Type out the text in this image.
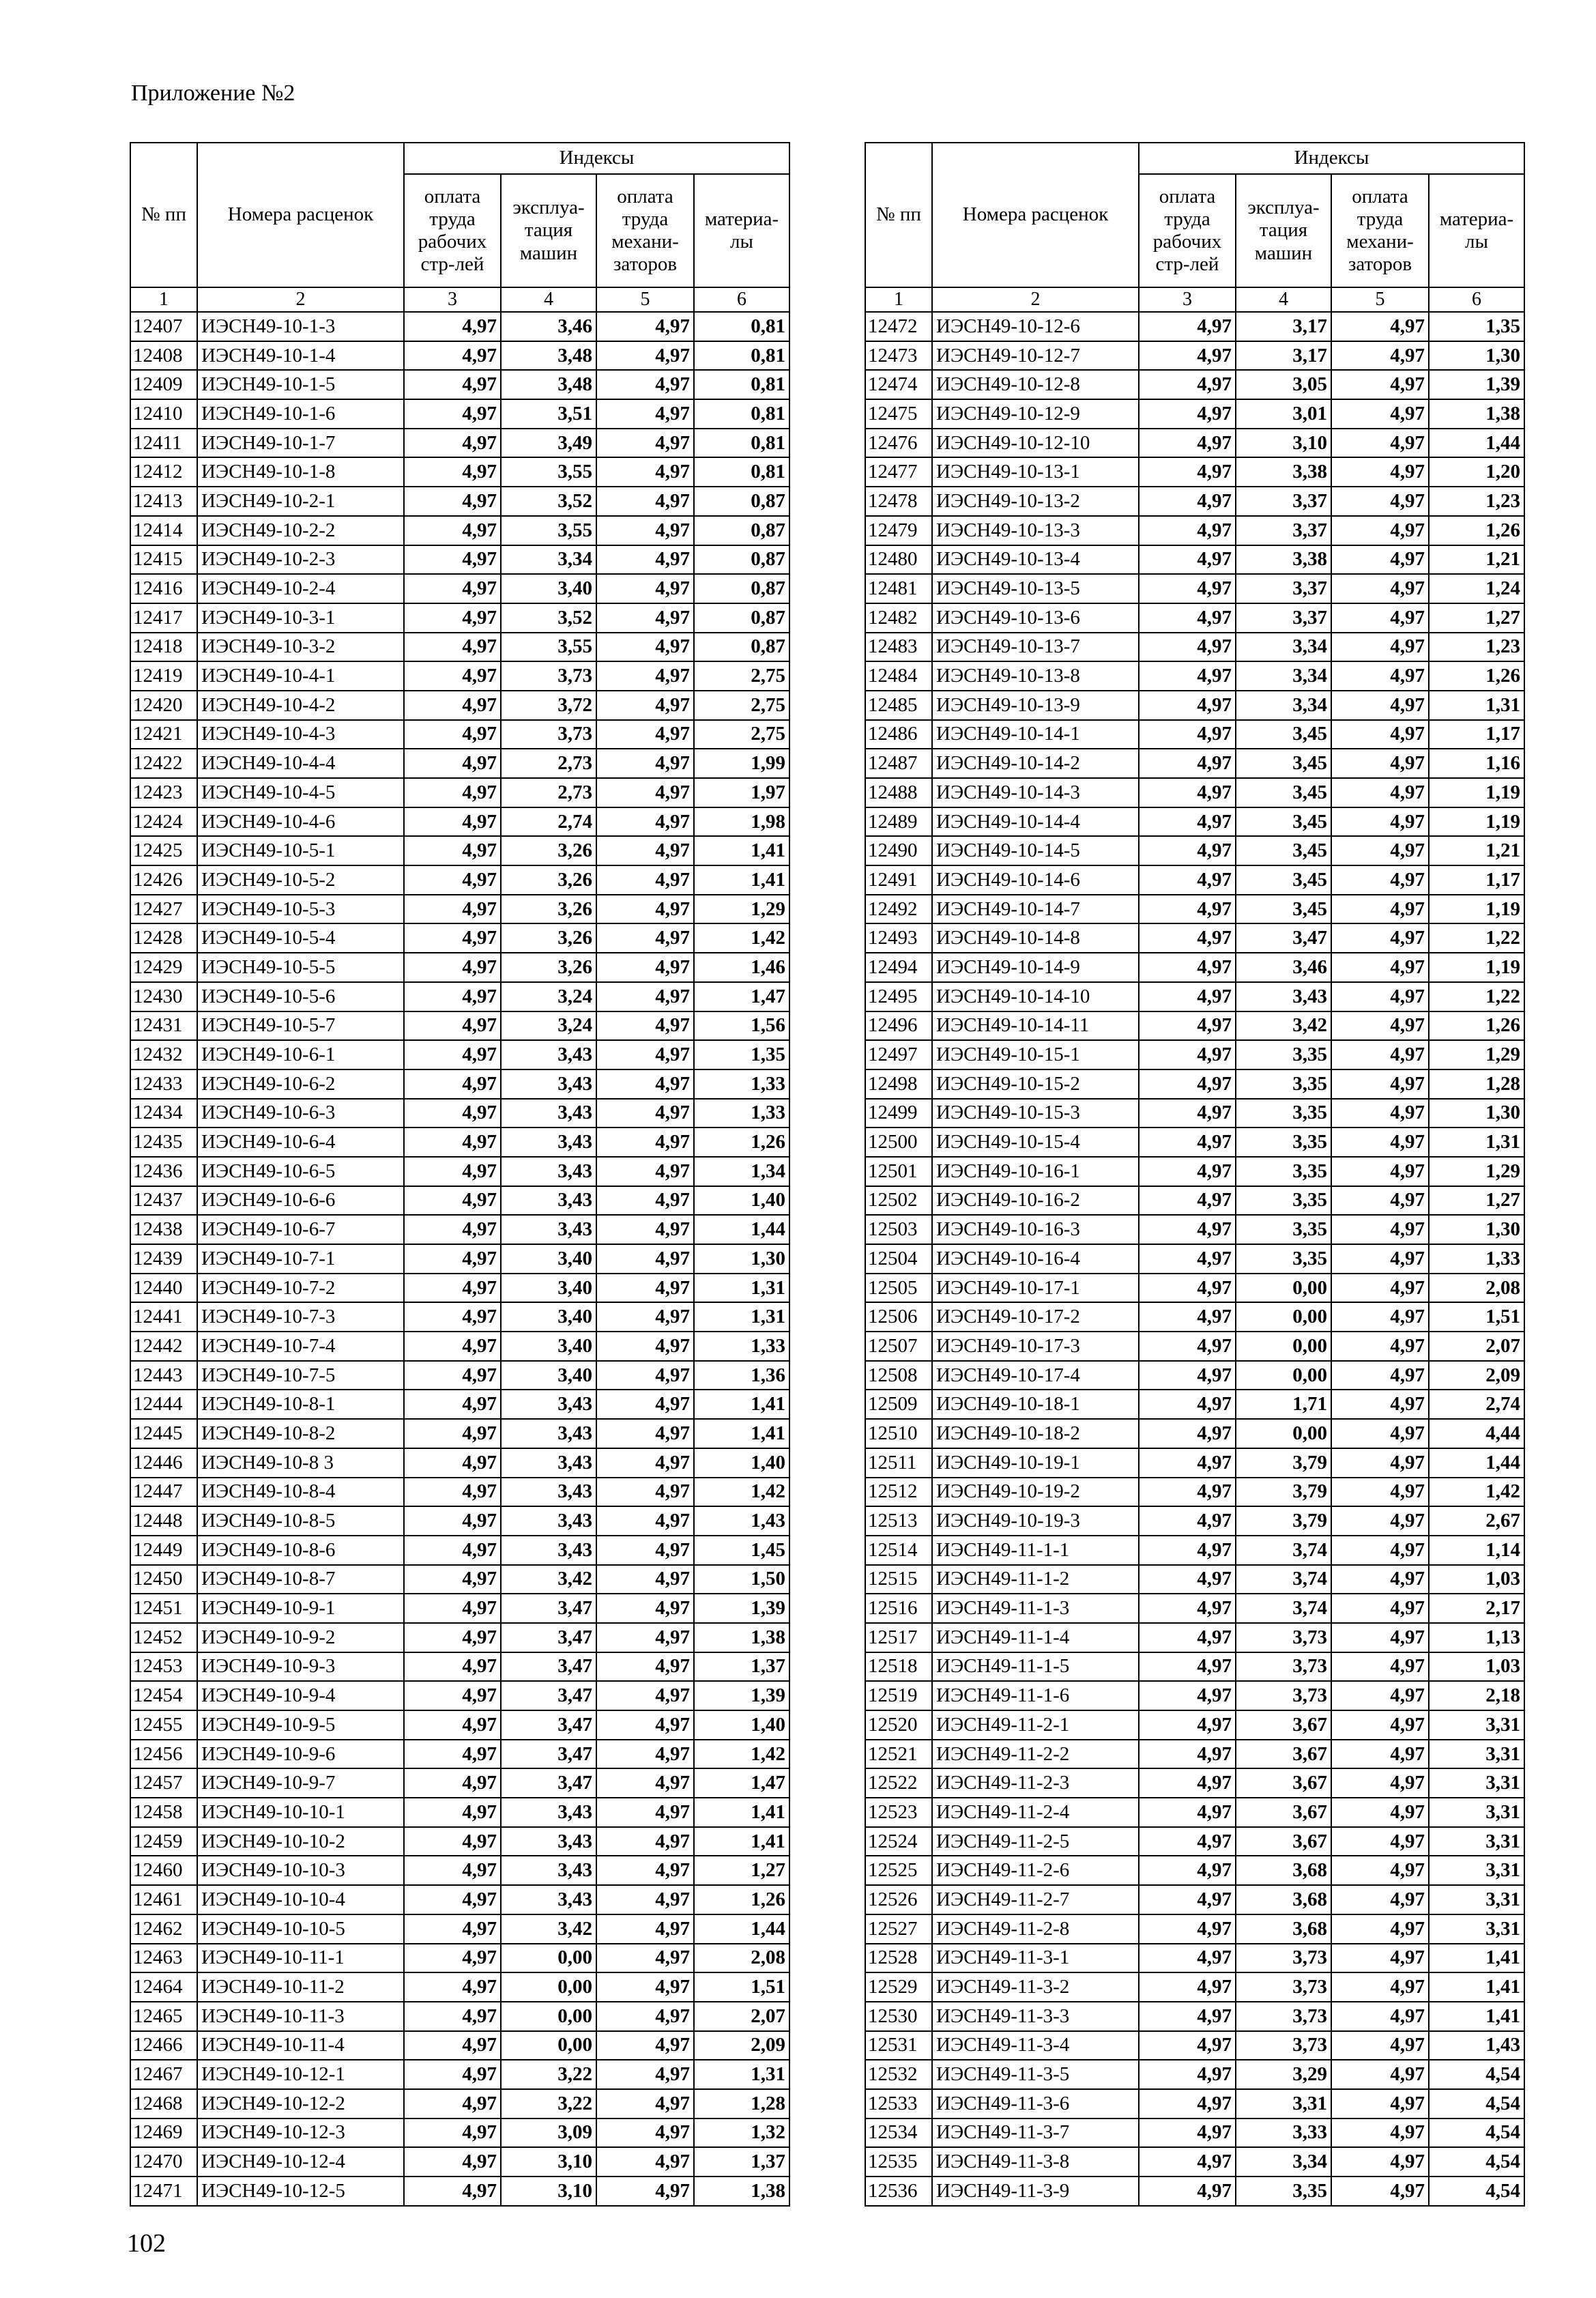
Приложение №2
№ пп	Номера расценок	Индексы			
		оплата труда рабочих стр-лей	эксплуа-тация машин	оплата труда механи-заторов	материа-лы
1	2	3	4	5	6
12407	ИЭСН49-10-1-3	4,97	3,46	4,97	0,81
12408	ИЭСН49-10-1-4	4,97	3,48	4,97	0,81
12409	ИЭСН49-10-1-5	4,97	3,48	4,97	0,81
12410	ИЭСН49-10-1-6	4,97	3,51	4,97	0,81
12411	ИЭСН49-10-1-7	4,97	3,49	4,97	0,81
12412	ИЭСН49-10-1-8	4,97	3,55	4,97	0,81
12413	ИЭСН49-10-2-1	4,97	3,52	4,97	0,87
12414	ИЭСН49-10-2-2	4,97	3,55	4,97	0,87
12415	ИЭСН49-10-2-3	4,97	3,34	4,97	0,87
12416	ИЭСН49-10-2-4	4,97	3,40	4,97	0,87
12417	ИЭСН49-10-3-1	4,97	3,52	4,97	0,87
12418	ИЭСН49-10-3-2	4,97	3,55	4,97	0,87
12419	ИЭСН49-10-4-1	4,97	3,73	4,97	2,75
12420	ИЭСН49-10-4-2	4,97	3,72	4,97	2,75
12421	ИЭСН49-10-4-3	4,97	3,73	4,97	2,75
12422	ИЭСН49-10-4-4	4,97	2,73	4,97	1,99
12423	ИЭСН49-10-4-5	4,97	2,73	4,97	1,97
12424	ИЭСН49-10-4-6	4,97	2,74	4,97	1,98
12425	ИЭСН49-10-5-1	4,97	3,26	4,97	1,41
12426	ИЭСН49-10-5-2	4,97	3,26	4,97	1,41
12427	ИЭСН49-10-5-3	4,97	3,26	4,97	1,29
12428	ИЭСН49-10-5-4	4,97	3,26	4,97	1,42
12429	ИЭСН49-10-5-5	4,97	3,26	4,97	1,46
12430	ИЭСН49-10-5-6	4,97	3,24	4,97	1,47
12431	ИЭСН49-10-5-7	4,97	3,24	4,97	1,56
12432	ИЭСН49-10-6-1	4,97	3,43	4,97	1,35
12433	ИЭСН49-10-6-2	4,97	3,43	4,97	1,33
12434	ИЭСН49-10-6-3	4,97	3,43	4,97	1,33
12435	ИЭСН49-10-6-4	4,97	3,43	4,97	1,26
12436	ИЭСН49-10-6-5	4,97	3,43	4,97	1,34
12437	ИЭСН49-10-6-6	4,97	3,43	4,97	1,40
12438	ИЭСН49-10-6-7	4,97	3,43	4,97	1,44
12439	ИЭСН49-10-7-1	4,97	3,40	4,97	1,30
12440	ИЭСН49-10-7-2	4,97	3,40	4,97	1,31
12441	ИЭСН49-10-7-3	4,97	3,40	4,97	1,31
12442	ИЭСН49-10-7-4	4,97	3,40	4,97	1,33
12443	ИЭСН49-10-7-5	4,97	3,40	4,97	1,36
12444	ИЭСН49-10-8-1	4,97	3,43	4,97	1,41
12445	ИЭСН49-10-8-2	4,97	3,43	4,97	1,41
12446	ИЭСН49-10-8 3	4,97	3,43	4,97	1,40
12447	ИЭСН49-10-8-4	4,97	3,43	4,97	1,42
12448	ИЭСН49-10-8-5	4,97	3,43	4,97	1,43
12449	ИЭСН49-10-8-6	4,97	3,43	4,97	1,45
12450	ИЭСН49-10-8-7	4,97	3,42	4,97	1,50
12451	ИЭСН49-10-9-1	4,97	3,47	4,97	1,39
12452	ИЭСН49-10-9-2	4,97	3,47	4,97	1,38
12453	ИЭСН49-10-9-3	4,97	3,47	4,97	1,37
12454	ИЭСН49-10-9-4	4,97	3,47	4,97	1,39
12455	ИЭСН49-10-9-5	4,97	3,47	4,97	1,40
12456	ИЭСН49-10-9-6	4,97	3,47	4,97	1,42
12457	ИЭСН49-10-9-7	4,97	3,47	4,97	1,47
12458	ИЭСН49-10-10-1	4,97	3,43	4,97	1,41
12459	ИЭСН49-10-10-2	4,97	3,43	4,97	1,41
12460	ИЭСН49-10-10-3	4,97	3,43	4,97	1,27
12461	ИЭСН49-10-10-4	4,97	3,43	4,97	1,26
12462	ИЭСН49-10-10-5	4,97	3,42	4,97	1,44
12463	ИЭСН49-10-11-1	4,97	0,00	4,97	2,08
12464	ИЭСН49-10-11-2	4,97	0,00	4,97	1,51
12465	ИЭСН49-10-11-3	4,97	0,00	4,97	2,07
12466	ИЭСН49-10-11-4	4,97	0,00	4,97	2,09
12467	ИЭСН49-10-12-1	4,97	3,22	4,97	1,31
12468	ИЭСН49-10-12-2	4,97	3,22	4,97	1,28
12469	ИЭСН49-10-12-3	4,97	3,09	4,97	1,32
12470	ИЭСН49-10-12-4	4,97	3,10	4,97	1,37
12471	ИЭСН49-10-12-5	4,97	3,10	4,97	1,38
№ пп	Номера расценок	Индексы			
		оплата труда рабочих стр-лей	эксплуа-тация машин	оплата труда механи-заторов	материа-лы
1	2	3	4	5	6
12472	ИЭСН49-10-12-6	4,97	3,17	4,97	1,35
12473	ИЭСН49-10-12-7	4,97	3,17	4,97	1,30
12474	ИЭСН49-10-12-8	4,97	3,05	4,97	1,39
12475	ИЭСН49-10-12-9	4,97	3,01	4,97	1,38
12476	ИЭСН49-10-12-10	4,97	3,10	4,97	1,44
12477	ИЭСН49-10-13-1	4,97	3,38	4,97	1,20
12478	ИЭСН49-10-13-2	4,97	3,37	4,97	1,23
12479	ИЭСН49-10-13-3	4,97	3,37	4,97	1,26
12480	ИЭСН49-10-13-4	4,97	3,38	4,97	1,21
12481	ИЭСН49-10-13-5	4,97	3,37	4,97	1,24
12482	ИЭСН49-10-13-6	4,97	3,37	4,97	1,27
12483	ИЭСН49-10-13-7	4,97	3,34	4,97	1,23
12484	ИЭСН49-10-13-8	4,97	3,34	4,97	1,26
12485	ИЭСН49-10-13-9	4,97	3,34	4,97	1,31
12486	ИЭСН49-10-14-1	4,97	3,45	4,97	1,17
12487	ИЭСН49-10-14-2	4,97	3,45	4,97	1,16
12488	ИЭСН49-10-14-3	4,97	3,45	4,97	1,19
12489	ИЭСН49-10-14-4	4,97	3,45	4,97	1,19
12490	ИЭСН49-10-14-5	4,97	3,45	4,97	1,21
12491	ИЭСН49-10-14-6	4,97	3,45	4,97	1,17
12492	ИЭСН49-10-14-7	4,97	3,45	4,97	1,19
12493	ИЭСН49-10-14-8	4,97	3,47	4,97	1,22
12494	ИЭСН49-10-14-9	4,97	3,46	4,97	1,19
12495	ИЭСН49-10-14-10	4,97	3,43	4,97	1,22
12496	ИЭСН49-10-14-11	4,97	3,42	4,97	1,26
12497	ИЭСН49-10-15-1	4,97	3,35	4,97	1,29
12498	ИЭСН49-10-15-2	4,97	3,35	4,97	1,28
12499	ИЭСН49-10-15-3	4,97	3,35	4,97	1,30
12500	ИЭСН49-10-15-4	4,97	3,35	4,97	1,31
12501	ИЭСН49-10-16-1	4,97	3,35	4,97	1,29
12502	ИЭСН49-10-16-2	4,97	3,35	4,97	1,27
12503	ИЭСН49-10-16-3	4,97	3,35	4,97	1,30
12504	ИЭСН49-10-16-4	4,97	3,35	4,97	1,33
12505	ИЭСН49-10-17-1	4,97	0,00	4,97	2,08
12506	ИЭСН49-10-17-2	4,97	0,00	4,97	1,51
12507	ИЭСН49-10-17-3	4,97	0,00	4,97	2,07
12508	ИЭСН49-10-17-4	4,97	0,00	4,97	2,09
12509	ИЭСН49-10-18-1	4,97	1,71	4,97	2,74
12510	ИЭСН49-10-18-2	4,97	0,00	4,97	4,44
12511	ИЭСН49-10-19-1	4,97	3,79	4,97	1,44
12512	ИЭСН49-10-19-2	4,97	3,79	4,97	1,42
12513	ИЭСН49-10-19-3	4,97	3,79	4,97	2,67
12514	ИЭСН49-11-1-1	4,97	3,74	4,97	1,14
12515	ИЭСН49-11-1-2	4,97	3,74	4,97	1,03
12516	ИЭСН49-11-1-3	4,97	3,74	4,97	2,17
12517	ИЭСН49-11-1-4	4,97	3,73	4,97	1,13
12518	ИЭСН49-11-1-5	4,97	3,73	4,97	1,03
12519	ИЭСН49-11-1-6	4,97	3,73	4,97	2,18
12520	ИЭСН49-11-2-1	4,97	3,67	4,97	3,31
12521	ИЭСН49-11-2-2	4,97	3,67	4,97	3,31
12522	ИЭСН49-11-2-3	4,97	3,67	4,97	3,31
12523	ИЭСН49-11-2-4	4,97	3,67	4,97	3,31
12524	ИЭСН49-11-2-5	4,97	3,67	4,97	3,31
12525	ИЭСН49-11-2-6	4,97	3,68	4,97	3,31
12526	ИЭСН49-11-2-7	4,97	3,68	4,97	3,31
12527	ИЭСН49-11-2-8	4,97	3,68	4,97	3,31
12528	ИЭСН49-11-3-1	4,97	3,73	4,97	1,41
12529	ИЭСН49-11-3-2	4,97	3,73	4,97	1,41
12530	ИЭСН49-11-3-3	4,97	3,73	4,97	1,41
12531	ИЭСН49-11-3-4	4,97	3,73	4,97	1,43
12532	ИЭСН49-11-3-5	4,97	3,29	4,97	4,54
12533	ИЭСН49-11-3-6	4,97	3,31	4,97	4,54
12534	ИЭСН49-11-3-7	4,97	3,33	4,97	4,54
12535	ИЭСН49-11-3-8	4,97	3,34	4,97	4,54
12536	ИЭСН49-11-3-9	4,97	3,35	4,97	4,54
102
